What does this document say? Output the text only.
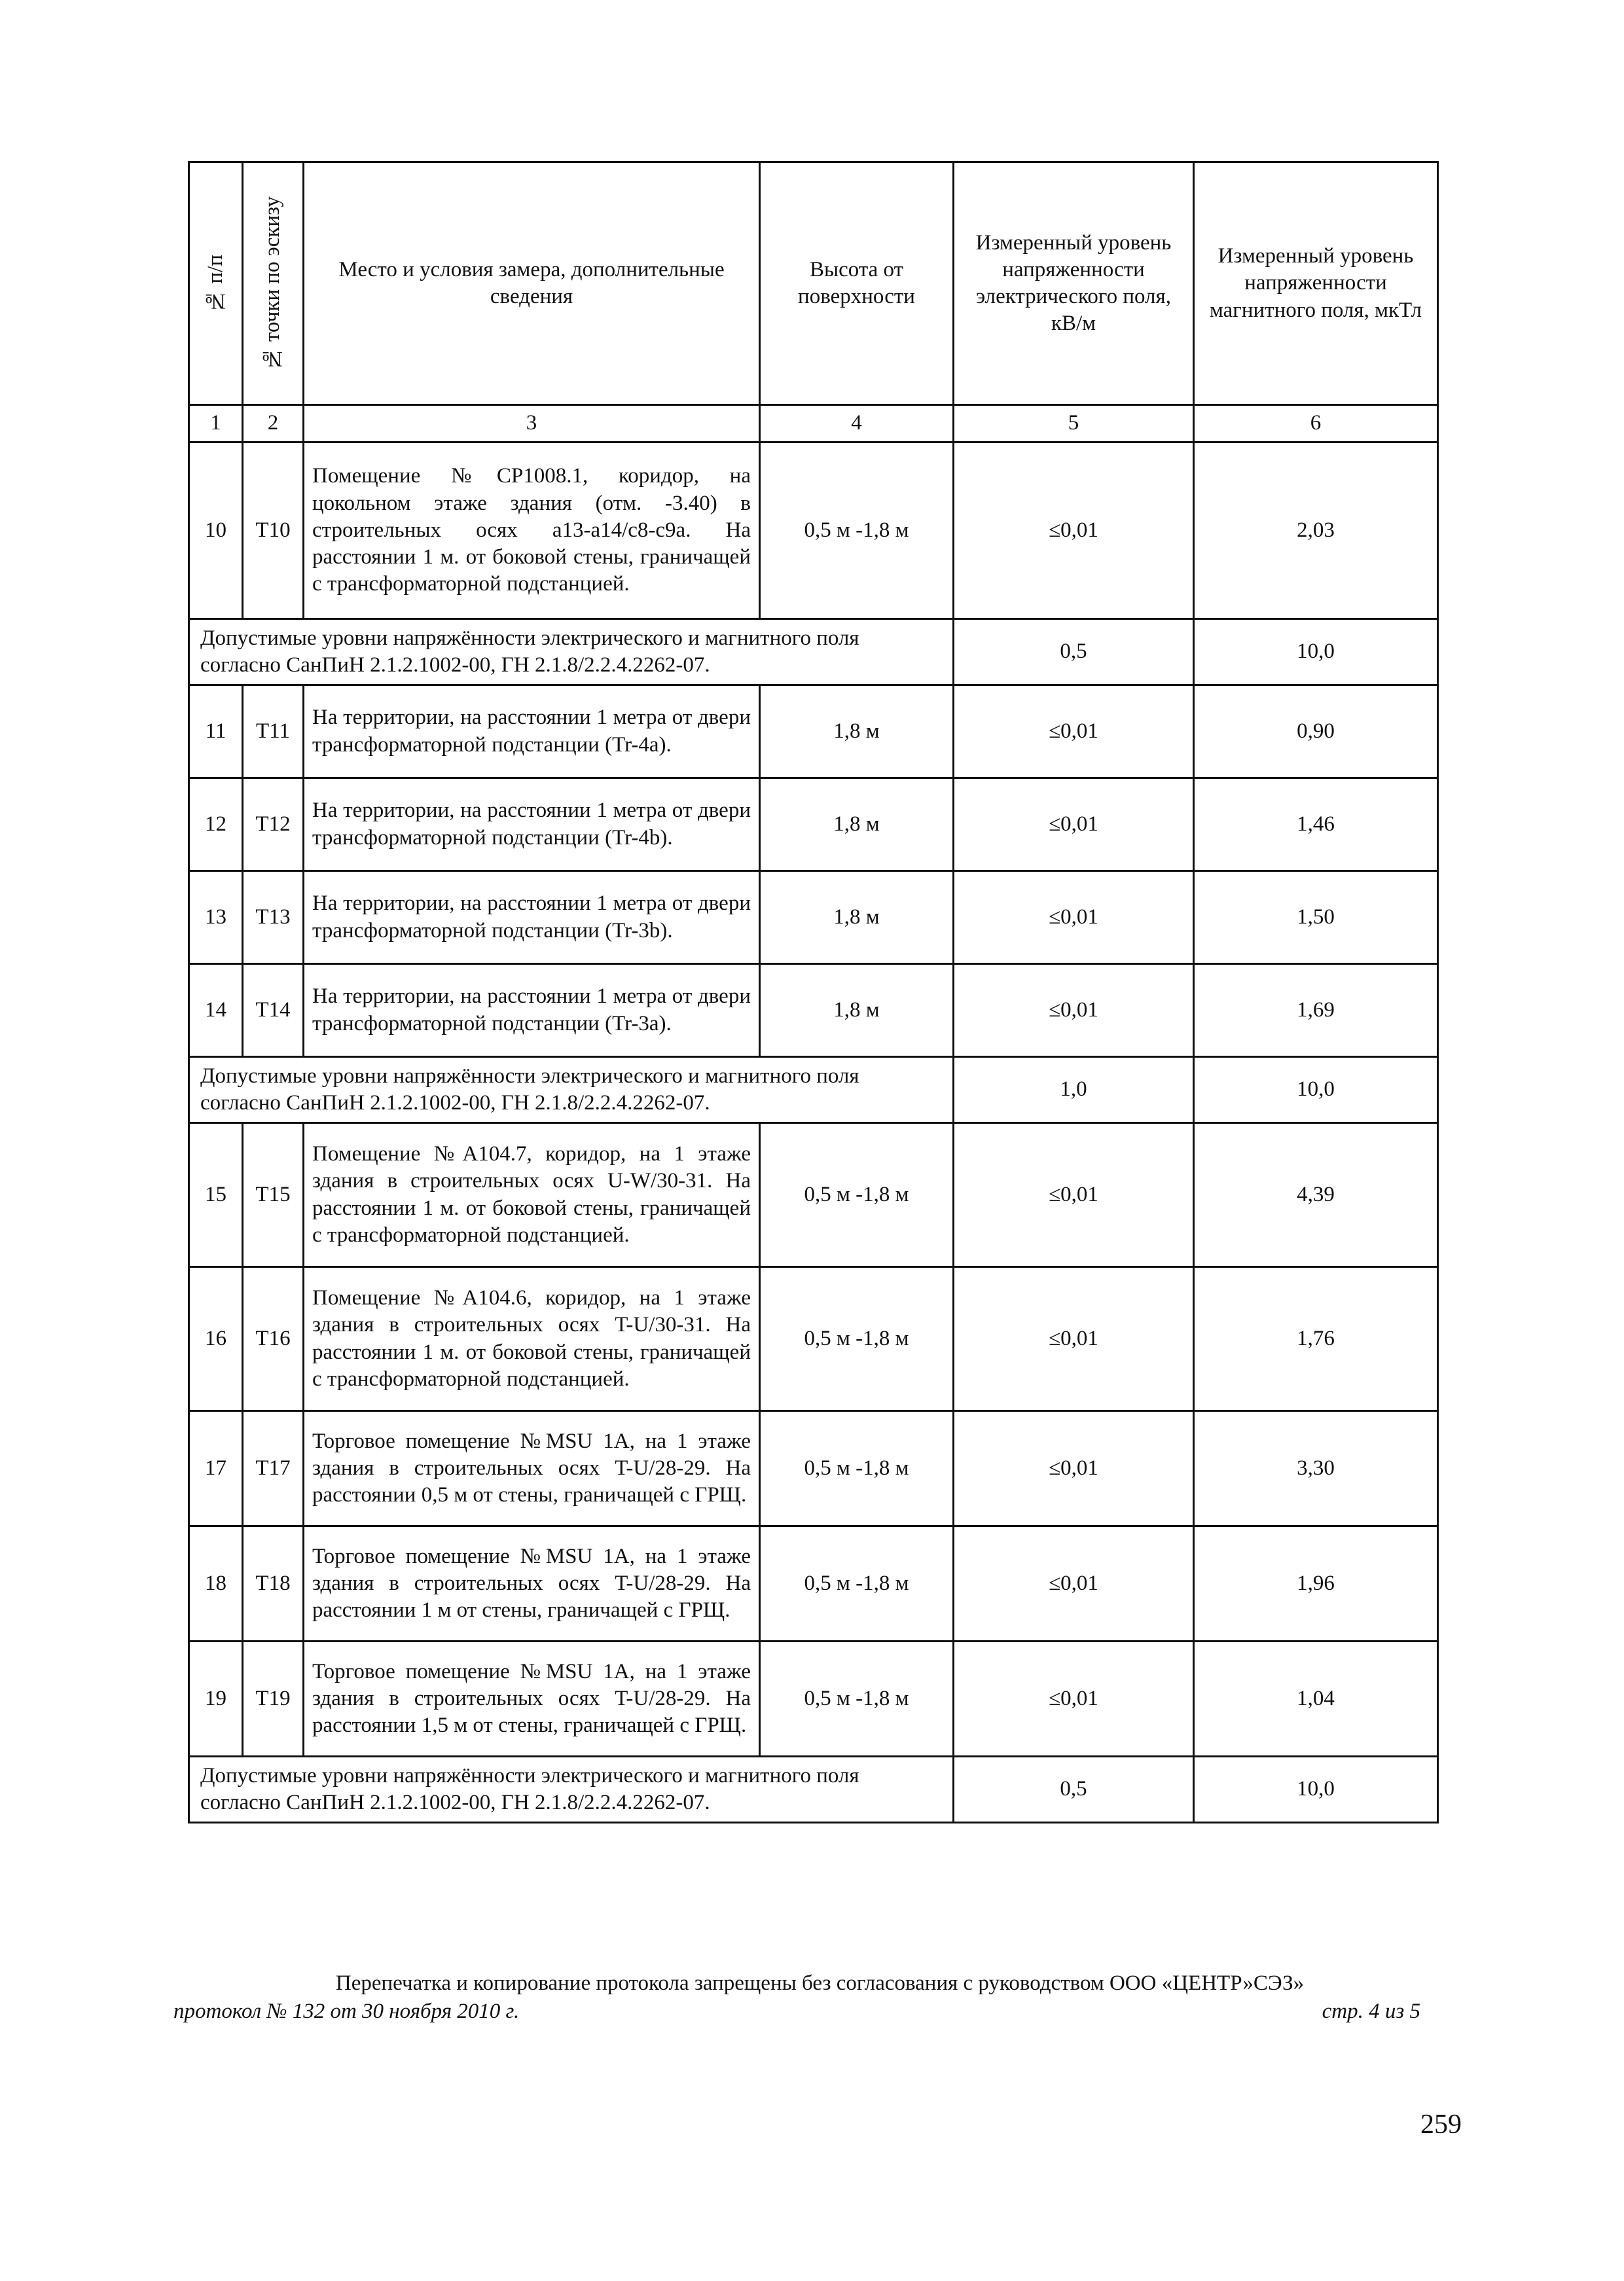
№ п/п	№ точки по эскизу	Место и условия замера, дополнительные сведения	Высота от поверхности	Измеренный уровень напряженности электрического поля, кВ/м	Измеренный уровень напряженности магнитного поля, мкТл
1	2	3	4	5	6
10	T10	Помещение №CP1008.1, коридор, на цокольном этаже здания (отм. -3.40) в строительных осях a13-a14/c8-c9a. На расстоянии 1 м. от боковой стены, граничащей с трансформаторной подстанцией.	0,5 м -1,8 м	≤0,01	2,03
Допустимые уровни напряжённости электрического и магнитного поля согласно СанПиН 2.1.2.1002-00, ГН 2.1.8/2.2.4.2262-07.				0,5	10,0
11	T11	На территории, на расстоянии 1 метра от двери трансформаторной подстанции (Tr-4a).	1,8 м	≤0,01	0,90
12	T12	На территории, на расстоянии 1 метра от двери трансформаторной подстанции (Tr-4b).	1,8 м	≤0,01	1,46
13	T13	На территории, на расстоянии 1 метра от двери трансформаторной подстанции (Tr-3b).	1,8 м	≤0,01	1,50
14	T14	На территории, на расстоянии 1 метра от двери трансформаторной подстанции (Tr-3a).	1,8 м	≤0,01	1,69
Допустимые уровни напряжённости электрического и магнитного поля согласно СанПиН 2.1.2.1002-00, ГН 2.1.8/2.2.4.2262-07.				1,0	10,0
15	T15	Помещение №A104.7, коридор, на 1 этаже здания в строительных осях U-W/30-31. На расстоянии 1 м. от боковой стены, граничащей с трансформаторной подстанцией.	0,5 м -1,8 м	≤0,01	4,39
16	T16	Помещение №A104.6, коридор, на 1 этаже здания в строительных осях T-U/30-31. На расстоянии 1 м. от боковой стены, граничащей с трансформаторной подстанцией.	0,5 м -1,8 м	≤0,01	1,76
17	T17	Торговое помещение №MSU 1A, на 1 этаже здания в строительных осях T-U/28-29. На расстоянии 0,5 м от стены, граничащей с ГРЩ.	0,5 м -1,8 м	≤0,01	3,30
18	T18	Торговое помещение №MSU 1A, на 1 этаже здания в строительных осях T-U/28-29. На расстоянии 1 м от стены, граничащей с ГРЩ.	0,5 м -1,8 м	≤0,01	1,96
19	T19	Торговое помещение №MSU 1A, на 1 этаже здания в строительных осях T-U/28-29. На расстоянии 1,5 м от стены, граничащей с ГРЩ.	0,5 м -1,8 м	≤0,01	1,04
Допустимые уровни напряжённости электрического и магнитного поля согласно СанПиН 2.1.2.1002-00, ГН 2.1.8/2.2.4.2262-07.				0,5	10,0
Перепечатка и копирование протокола запрещены без согласования с руководством ООО «ЦЕНТР»СЭЗ»
протокол № 132 от 30 ноября 2010 г.	стр. 4 из 5
259
